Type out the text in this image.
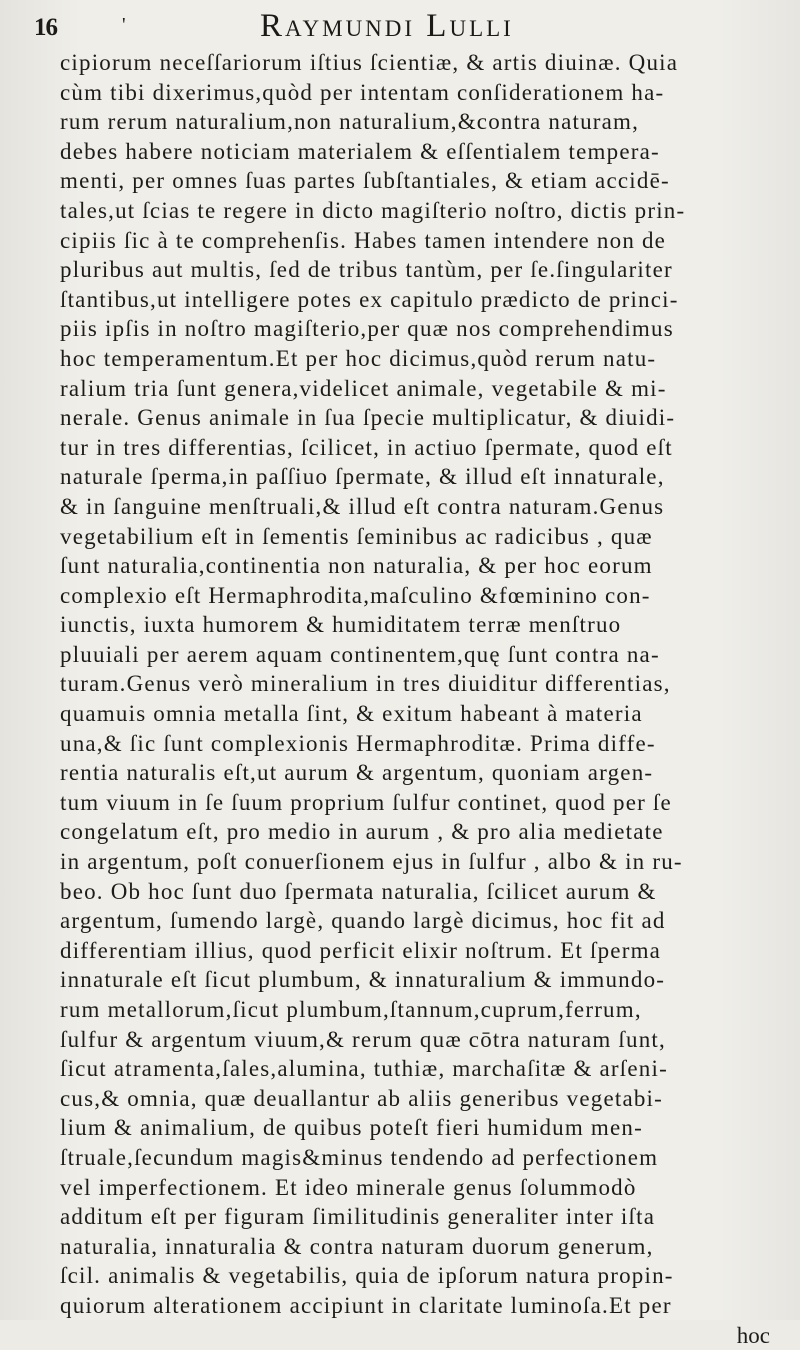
16	'	Raymundi Lulli
cipiorum neceſſariorum iſtius ſcientiæ, & artis diuinæ. Quia
cùm tibi dixerimus,quòd per intentam conſiderationem ha-
rum rerum naturalium,non naturalium,&contra naturam,
debes habere noticiam materialem & eſſentialem tempera-
menti, per omnes ſuas partes ſubſtantiales, & etiam accidē-
tales,ut ſcias te regere in dicto magiſterio noſtro, dictis prin-
cipiis ſic à te comprehenſis. Habes tamen intendere non de
pluribus aut multis, ſed de tribus tantùm, per ſe.ſingulariter
ſtantibus,ut intelligere potes ex capitulo prædicto de princi-
piis ipſis in noſtro magiſterio,per quæ nos comprehendimus
hoc temperamentum.Et per hoc dicimus,quòd rerum natu-
ralium tria ſunt genera,videlicet animale, vegetabile & mi-
nerale. Genus animale in ſua ſpecie multiplicatur, & diuidi-
tur in tres differentias, ſcilicet, in actiuo ſpermate, quod eſt
naturale ſperma,in paſſiuo ſpermate, & illud eſt innaturale,
& in ſanguine menſtruali,& illud eſt contra naturam.Genus
vegetabilium eſt in ſementis ſeminibus ac radicibus , quæ
ſunt naturalia,continentia non naturalia, & per hoc eorum
complexio eſt Hermaphrodita,maſculino &fœminino con-
iunctis, iuxta humorem & humiditatem terræ menſtruo
pluuiali per aerem aquam continentem,quę ſunt contra na-
turam.Genus verò mineralium in tres diuiditur differentias,
quamuis omnia metalla ſint, & exitum habeant à materia
una,& ſic ſunt complexionis Hermaphroditæ. Prima diffe-
rentia naturalis eſt,ut aurum & argentum, quoniam argen-
tum viuum in ſe ſuum proprium ſulfur continet, quod per ſe
congelatum eſt, pro medio in aurum , & pro alia medietate
in argentum, poſt conuerſionem ejus in ſulfur , albo & in ru-
beo. Ob hoc ſunt duo ſpermata naturalia, ſcilicet aurum &
argentum, ſumendo largè, quando largè dicimus, hoc fit ad
differentiam illius, quod perficit elixir noſtrum. Et ſperma
innaturale eſt ſicut plumbum, & innaturalium & immundo-
rum metallorum,ſicut plumbum,ſtannum,cuprum,ferrum,
ſulfur & argentum viuum,& rerum quæ cōtra naturam ſunt,
ſicut atramenta,ſales,alumina, tuthiæ, marchaſitæ & arſeni-
cus,& omnia, quæ deuallantur ab aliis generibus vegetabi-
lium & animalium, de quibus poteſt fieri humidum men-
ſtruale,ſecundum magis&minus tendendo ad perfectionem
vel imperfectionem. Et ideo minerale genus ſolummodò
additum eſt per figuram ſimilitudinis generaliter inter iſta
naturalia, innaturalia & contra naturam duorum generum,
ſcil. animalis & vegetabilis, quia de ipſorum natura propin-
quiorum alterationem accipiunt in claritate luminoſa.Et per
hoc
